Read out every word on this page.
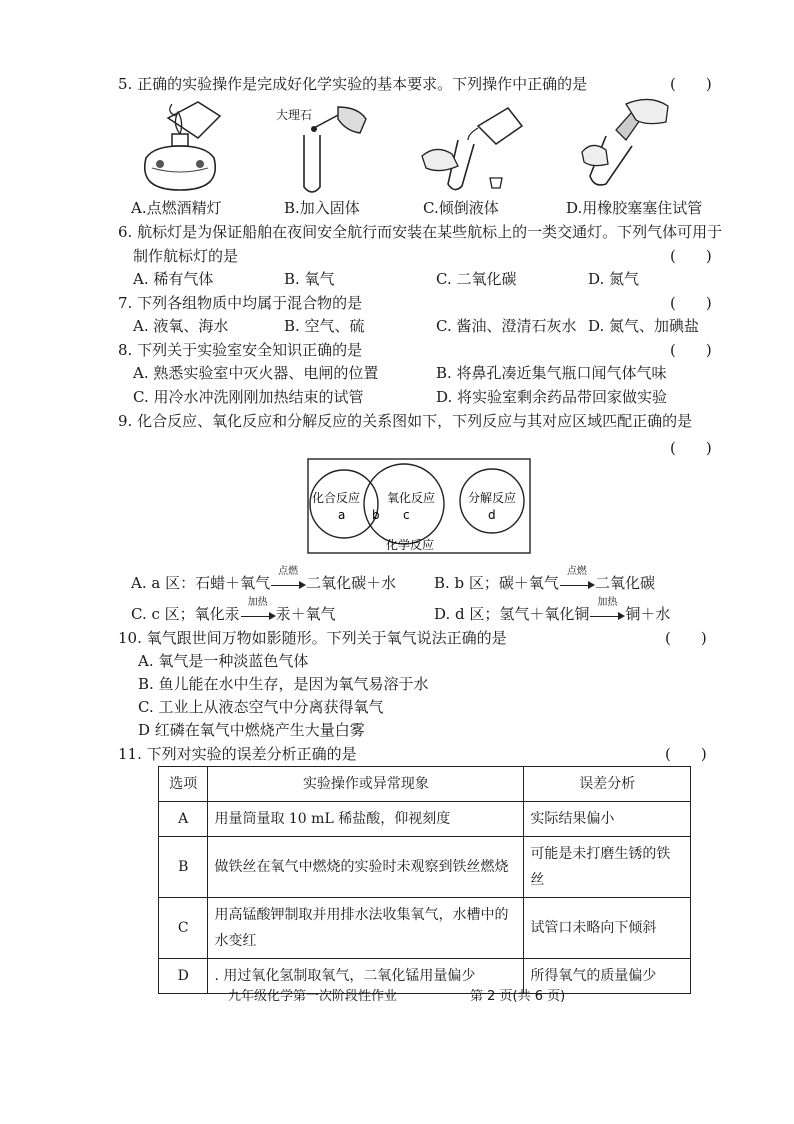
5. 正确的实验操作是完成好化学实验的基本要求。下列操作中正确的是	(　　)
大理石
A.点燃酒精灯	B.加入固体	C.倾倒液体	D.用橡胶塞塞住试管
6. 航标灯是为保证船舶在夜间安全航行而安装在某些航标上的一类交通灯。下列气体可用于
制作航标灯的是	(　　)
A. 稀有气体	B. 氧气	C. 二氧化碳	D. 氮气
7. 下列各组物质中均属于混合物的是	(　　)
A. 液氧、海水	B. 空气、硫	C. 酱油、澄清石灰水 D. 氮气、加碘盐
8. 下列关于实验室安全知识正确的是	(　　)
A. 熟悉实验室中灭火器、电闸的位置	B. 将鼻孔凑近集气瓶口闻气体气味
C. 用冷水冲洗刚刚加热结束的试管	D. 将实验室剩余药品带回家做实验
9. 化合反应、氧化反应和分解反应的关系图如下，下列反应与其对应区域匹配正确的是
(　　)
化合反应 氧化反应	分解反应
a b c	d
化学反应
A. a 区：石蜡＋氧气
点燃
二氧化碳＋水	B. b 区；碳＋氧气
点燃
二氧化碳
C. c 区；氧化汞
加热
汞＋氧气	D. d 区；氢气＋氧化铜
加热
铜＋水
10. 氧气跟世间万物如影随形。下列关于氧气说法正确的是	(　　)
A. 氧气是一种淡蓝色气体
B. 鱼儿能在水中生存，是因为氧气易溶于水
C. 工业上从液态空气中分离获得氧气
D 红磷在氧气中燃烧产生大量白雾
11. 下列对实验的误差分析正确的是	(　　)
选项	实验操作或异常现象	误差分析
A	用量筒量取 10 mL 稀盐酸，仰视刻度	实际结果偏小
B	做铁丝在氧气中燃烧的实验时未观察到铁丝燃烧	可能是未打磨生锈的铁丝
C	用高锰酸钾制取并用排水法收集氧气，水槽中的水变红	试管口未略向下倾斜
D	. 用过氧化氢制取氧气，二氧化锰用量偏少	所得氧气的质量偏少
九年级化学第一次阶段性作业	第 2 页(共 6 页)
